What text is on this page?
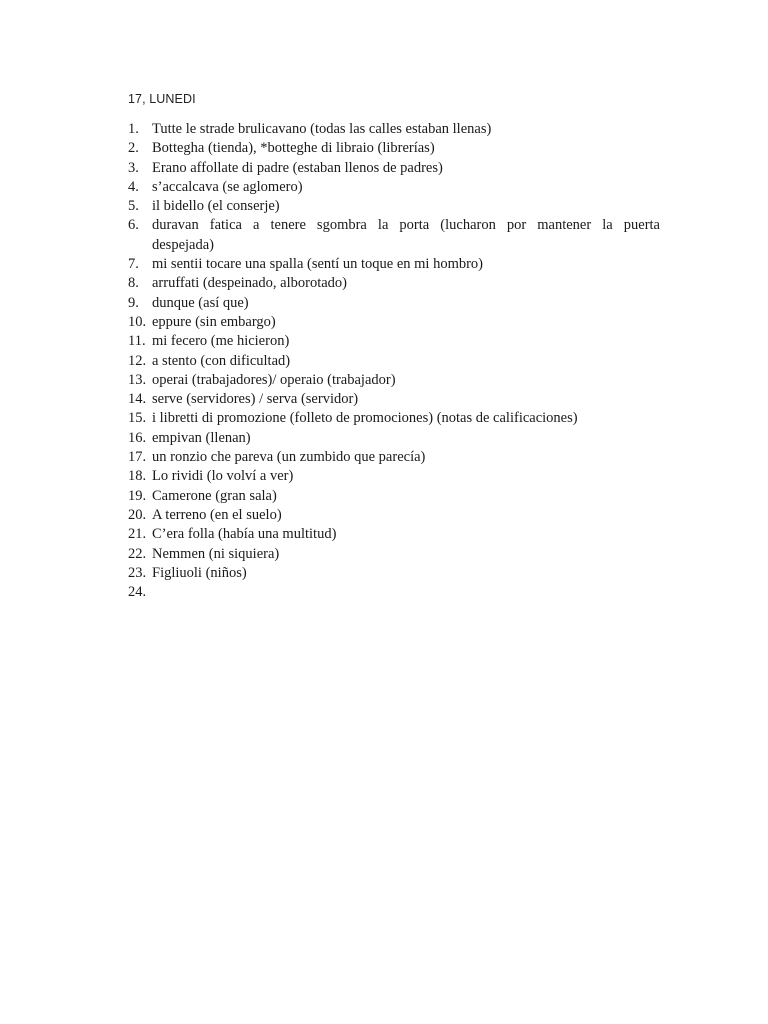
17, LUNEDI
1. Tutte le strade brulicavano (todas las calles estaban llenas)
2. Bottegha (tienda), *botteghe di libraio (librerías)
3. Erano affollate di padre (estaban llenos de padres)
4. s’accalcava (se aglomero)
5. il bidello (el conserje)
6. duravan fatica a tenere sgombra la porta (lucharon por mantener la puerta
despejada)
7. mi sentii tocare una spalla (sentí un toque en mi hombro)
8. arruffati (despeinado, alborotado)
9. dunque (así que)
10. eppure (sin embargo)
11. mi fecero (me hicieron)
12. a stento (con dificultad)
13. operai (trabajadores)/ operaio (trabajador)
14. serve (servidores) / serva (servidor)
15. i libretti di promozione (folleto de promociones) (notas de calificaciones)
16. empivan (llenan)
17. un ronzio che pareva (un zumbido que parecía)
18. Lo rividi (lo volví a ver)
19. Camerone (gran sala)
20. A terreno (en el suelo)
21. C’era folla (había una multitud)
22. Nemmen (ni siquiera)
23. Figliuoli (niños)
24.
